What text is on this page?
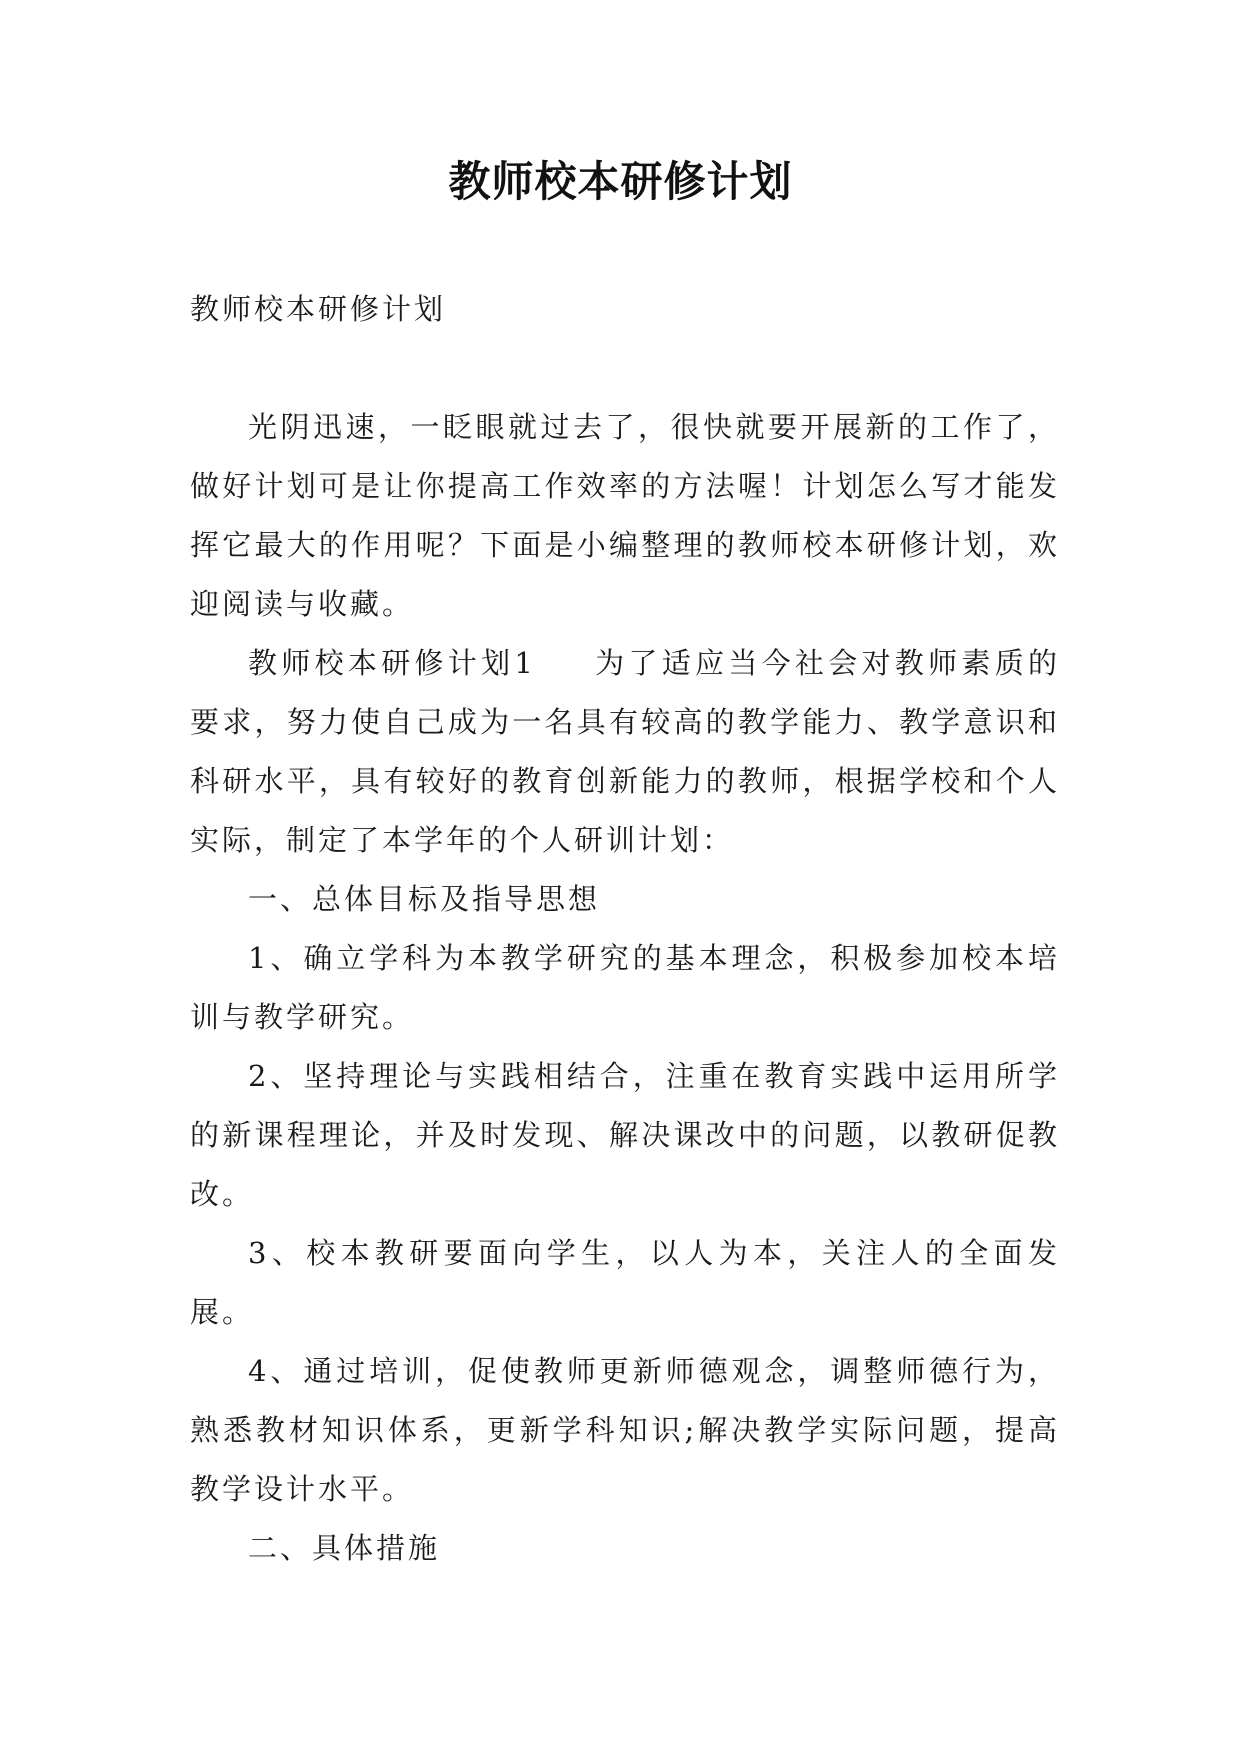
教师校本研修计划

教师校本研修计划

光阴迅速，一眨眼就过去了，很快就要开展新的工作了，做好计划可是让你提高工作效率的方法喔！计划怎么写才能发挥它最大的作用呢？下面是小编整理的教师校本研修计划，欢迎阅读与收藏。

教师校本研修计划1 为了适应当今社会对教师素质的要求，努力使自己成为一名具有较高的教学能力、教学意识和科研水平，具有较好的教育创新能力的教师，根据学校和个人实际，制定了本学年的个人研训计划：

一、总体目标及指导思想

1、确立学科为本教学研究的基本理念，积极参加校本培训与教学研究。

2、坚持理论与实践相结合，注重在教育实践中运用所学的新课程理论，并及时发现、解决课改中的问题，以教研促教改。

3、校本教研要面向学生，以人为本，关注人的全面发展。

4、通过培训，促使教师更新师德观念，调整师德行为，熟悉教材知识体系，更新学科知识;解决教学实际问题，提高教学设计水平。

二、具体措施
